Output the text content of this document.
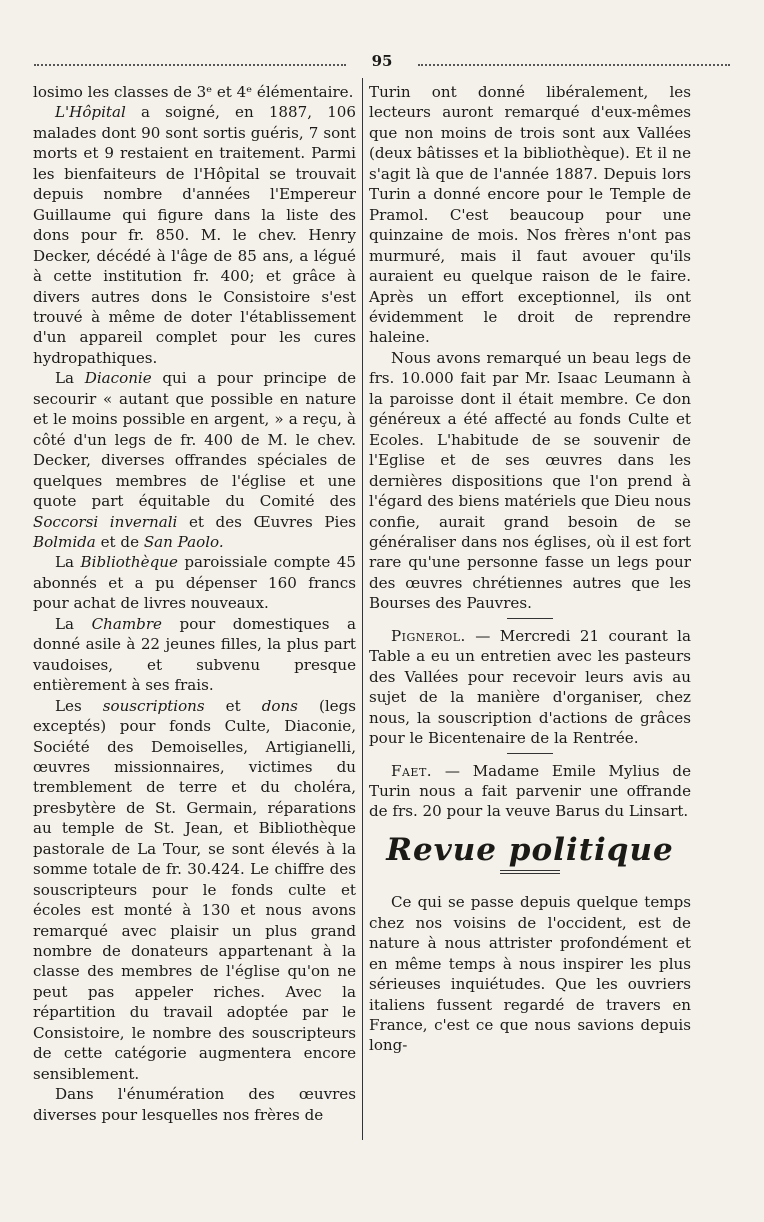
95

losimo les classes de 3ᵉ et 4ᵉ élémentaire.

L'Hôpital a soigné, en 1887, 106 malades dont 90 sont sortis guéris, 7 sont morts et 9 restaient en traitement. Parmi les bienfaiteurs de l'Hôpital se trouvait depuis nombre d'années l'Empereur Guillaume qui figure dans la liste des dons pour fr. 850. M. le chev. Henry Decker, décédé à l'âge de 85 ans, a légué à cette institution fr. 400; et grâce à divers autres dons le Consistoire s'est trouvé à même de doter l'établissement d'un appareil complet pour les cures hydropathiques.

La Diaconie qui a pour principe de secourir « autant que possible en nature et le moins possible en argent, » a reçu, à côté d'un legs de fr. 400 de M. le chev. Decker, diverses offrandes spéciales de quelques membres de l'église et une quote part équitable du Comité des Soccorsi invernali et des Œuvres Pies Bolmida et de San Paolo.

La Bibliothèque paroissiale compte 45 abonnés et a pu dépenser 160 francs pour achat de livres nouveaux.

La Chambre pour domestiques a donné asile à 22 jeunes filles, la plus part vaudoises, et subvenu presque entièrement à ses frais.

Les souscriptions et dons (legs exceptés) pour fonds Culte, Diaconie, Société des Demoiselles, Artigianelli, œuvres missionnaires, victimes du tremblement de terre et du choléra, presbytère de St. Germain, réparations au temple de St. Jean, et Bibliothèque pastorale de La Tour, se sont élevés à la somme totale de fr. 30.424. Le chiffre des souscripteurs pour le fonds culte et écoles est monté à 130 et nous avons remarqué avec plaisir un plus grand nombre de donateurs appartenant à la classe des membres de l'église qu'on ne peut pas appeler riches. Avec la répartition du travail adoptée par le Consistoire, le nombre des souscripteurs de cette catégorie augmentera encore sensiblement.

Dans l'énumération des œuvres diverses pour lesquelles nos frères de

Turin ont donné libéralement, les lecteurs auront remarqué d'eux-mêmes que non moins de trois sont aux Vallées (deux bâtisses et la bibliothèque). Et il ne s'agit là que de l'année 1887. Depuis lors Turin a donné encore pour le Temple de Pramol. C'est beaucoup pour une quinzaine de mois. Nos frères n'ont pas murmuré, mais il faut avouer qu'ils auraient eu quelque raison de le faire. Après un effort exceptionnel, ils ont évidemment le droit de reprendre haleine.

Nous avons remarqué un beau legs de frs. 10.000 fait par Mr. Isaac Leumann à la paroisse dont il était membre. Ce don généreux a été affecté au fonds Culte et Ecoles. L'habitude de se souvenir de l'Eglise et de ses œuvres dans les dernières dispositions que l'on prend à l'égard des biens matériels que Dieu nous confie, aurait grand besoin de se généraliser dans nos églises, où il est fort rare qu'une personne fasse un legs pour des œuvres chrétiennes autres que les Bourses des Pauvres.

Pignerol. — Mercredi 21 courant la Table a eu un entretien avec les pasteurs des Vallées pour recevoir leurs avis au sujet de la manière d'organiser, chez nous, la souscription d'actions de grâces pour le Bicentenaire de la Rentrée.

Faet. — Madame Emile Mylius de Turin nous a fait parvenir une offrande de frs. 20 pour la veuve Barus du Linsart.

Revue politique

Ce qui se passe depuis quelque temps chez nos voisins de l'occident, est de nature à nous attrister profondément et en même temps à nous inspirer les plus sérieuses inquiétudes. Que les ouvriers italiens fussent regardé de travers en France, c'est ce que nous savions depuis long-
